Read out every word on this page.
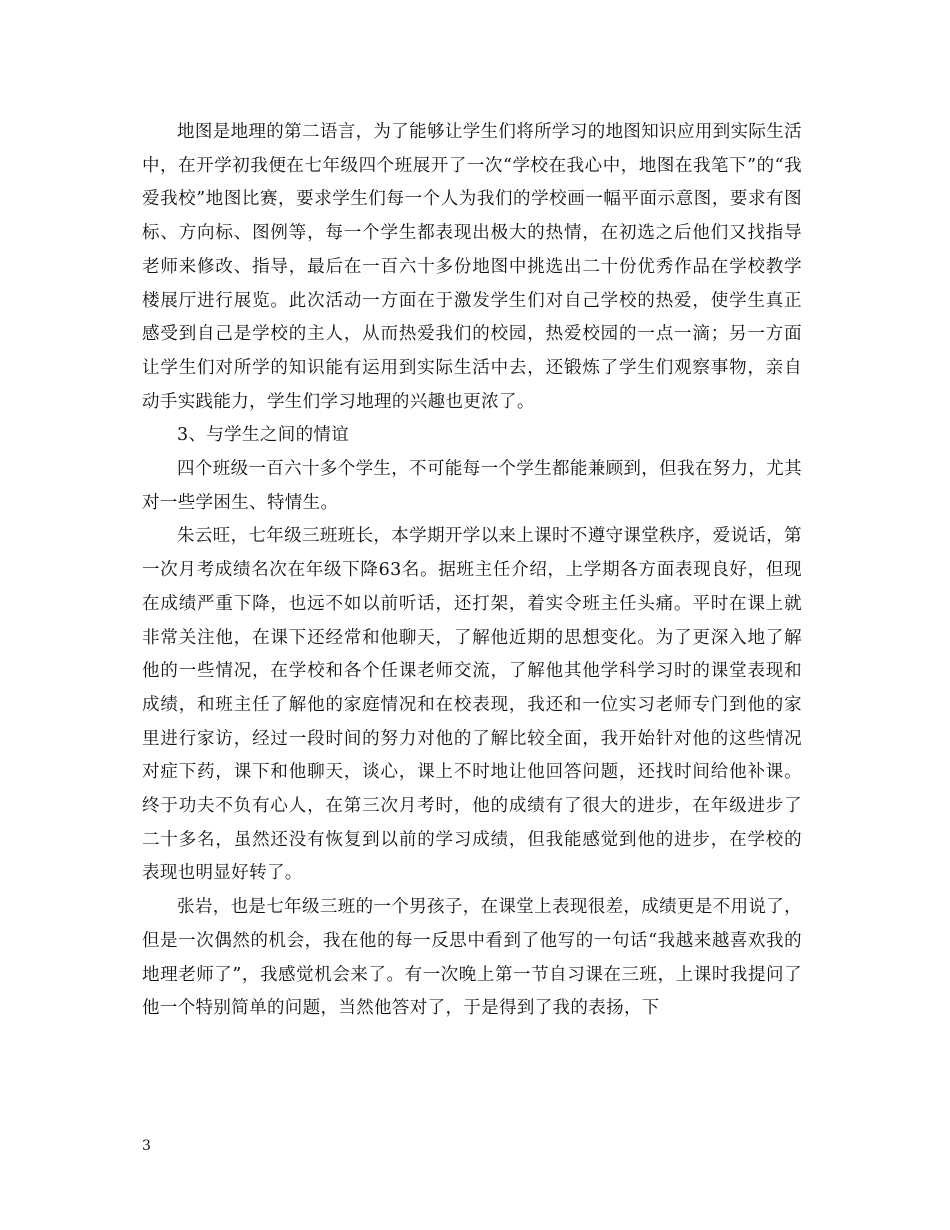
地图是地理的第二语言，为了能够让学生们将所学习的地图知识应用到实际生活中，在开学初我便在七年级四个班展开了一次“学校在我心中，地图在我笔下”的“我爱我校”地图比赛，要求学生们每一个人为我们的学校画一幅平面示意图，要求有图标、方向标、图例等，每一个学生都表现出极大的热情，在初选之后他们又找指导老师来修改、指导，最后在一百六十多份地图中挑选出二十份优秀作品在学校教学楼展厅进行展览。此次活动一方面在于激发学生们对自己学校的热爱，使学生真正感受到自己是学校的主人，从而热爱我们的校园，热爱校园的一点一滴；另一方面让学生们对所学的知识能有运用到实际生活中去，还锻炼了学生们观察事物，亲自动手实践能力，学生们学习地理的兴趣也更浓了。

3、与学生之间的情谊

四个班级一百六十多个学生，不可能每一个学生都能兼顾到，但我在努力，尤其对一些学困生、特情生。

朱云旺，七年级三班班长，本学期开学以来上课时不遵守课堂秩序，爱说话，第一次月考成绩名次在年级下降63名。据班主任介绍，上学期各方面表现良好，但现在成绩严重下降，也远不如以前听话，还打架，着实令班主任头痛。平时在课上就非常关注他，在课下还经常和他聊天，了解他近期的思想变化。为了更深入地了解他的一些情况，在学校和各个任课老师交流，了解他其他学科学习时的课堂表现和成绩，和班主任了解他的家庭情况和在校表现，我还和一位实习老师专门到他的家里进行家访，经过一段时间的努力对他的了解比较全面，我开始针对他的这些情况对症下药，课下和他聊天，谈心，课上不时地让他回答问题，还找时间给他补课。终于功夫不负有心人，在第三次月考时，他的成绩有了很大的进步，在年级进步了二十多名，虽然还没有恢复到以前的学习成绩，但我能感觉到他的进步，在学校的表现也明显好转了。

张岩，也是七年级三班的一个男孩子，在课堂上表现很差，成绩更是不用说了，但是一次偶然的机会，我在他的每一反思中看到了他写的一句话“我越来越喜欢我的地理老师了”，我感觉机会来了。有一次晚上第一节自习课在三班，上课时我提问了他一个特别简单的问题，当然他答对了，于是得到了我的表扬，下

3
